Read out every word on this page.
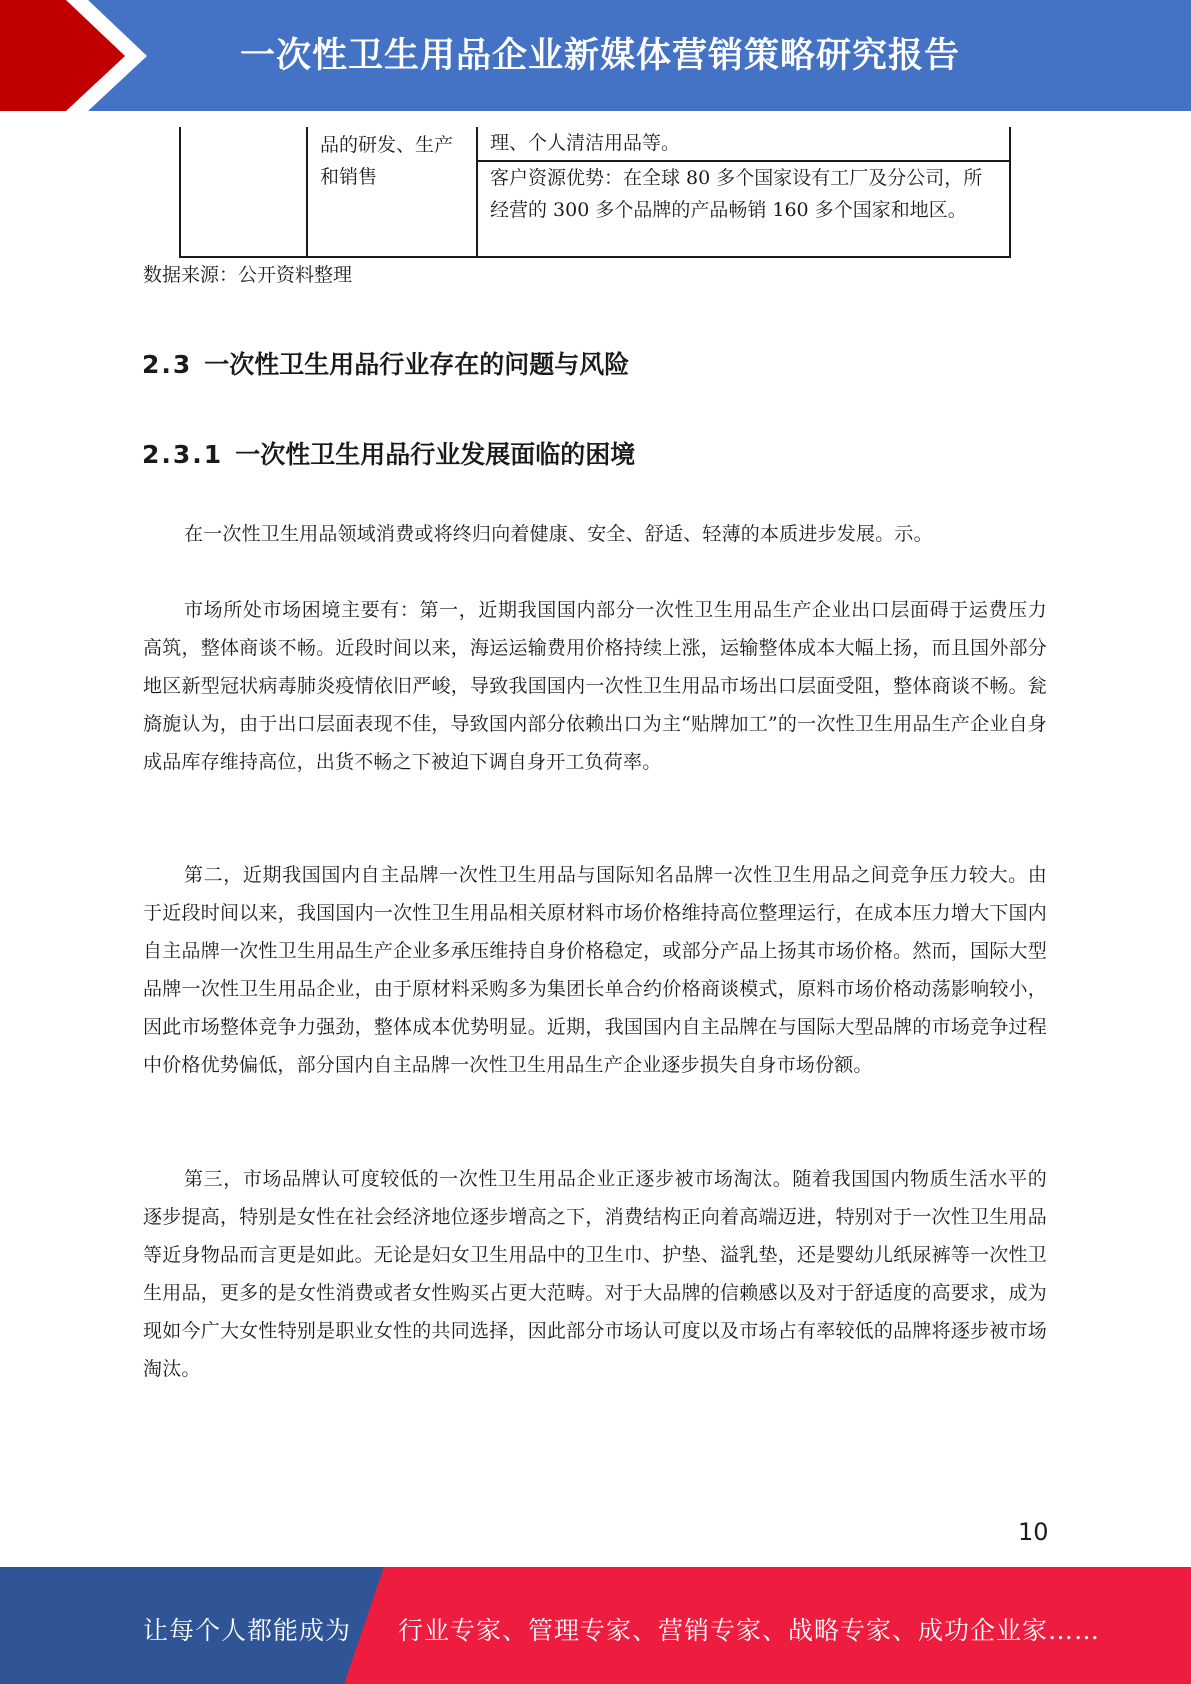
一次性卫生用品企业新媒体营销策略研究报告
品的研发、生产和销售
理、个人清洁用品等。
客户资源优势：在全球 80 多个国家设有工厂及分公司，所经营的 300 多个品牌的产品畅销 160 多个国家和地区。
数据来源：公开资料整理
2.3 一次性卫生用品行业存在的问题与风险
2.3.1 一次性卫生用品行业发展面临的困境

在一次性卫生用品领域消费或将终归向着健康、安全、舒适、轻薄的本质进步发展。示。

市场所处市场困境主要有：第一，近期我国国内部分一次性卫生用品生产企业出口层面碍于运费压力高筑，整体商谈不畅。近段时间以来，海运运输费用价格持续上涨，运输整体成本大幅上扬，而且国外部分地区新型冠状病毒肺炎疫情依旧严峻，导致我国国内一次性卫生用品市场出口层面受阻，整体商谈不畅。瓮旖旎认为，由于出口层面表现不佳，导致国内部分依赖出口为主“贴牌加工”的一次性卫生用品生产企业自身成品库存维持高位，出货不畅之下被迫下调自身开工负荷率。

第二，近期我国国内自主品牌一次性卫生用品与国际知名品牌一次性卫生用品之间竞争压力较大。由于近段时间以来，我国国内一次性卫生用品相关原材料市场价格维持高位整理运行，在成本压力增大下国内自主品牌一次性卫生用品生产企业多承压维持自身价格稳定，或部分产品上扬其市场价格。然而，国际大型品牌一次性卫生用品企业，由于原材料采购多为集团长单合约价格商谈模式，原料市场价格动荡影响较小，因此市场整体竞争力强劲，整体成本优势明显。近期，我国国内自主品牌在与国际大型品牌的市场竞争过程中价格优势偏低，部分国内自主品牌一次性卫生用品生产企业逐步损失自身市场份额。

第三，市场品牌认可度较低的一次性卫生用品企业正逐步被市场淘汰。随着我国国内物质生活水平的逐步提高，特别是女性在社会经济地位逐步增高之下，消费结构正向着高端迈进，特别对于一次性卫生用品等近身物品而言更是如此。无论是妇女卫生用品中的卫生巾、护垫、溢乳垫，还是婴幼儿纸尿裤等一次性卫生用品，更多的是女性消费或者女性购买占更大范畴。对于大品牌的信赖感以及对于舒适度的高要求，成为现如今广大女性特别是职业女性的共同选择，因此部分市场认可度以及市场占有率较低的品牌将逐步被市场淘汰。

10
让每个人都能成为 行业专家、管理专家、营销专家、战略专家、成功企业家……
